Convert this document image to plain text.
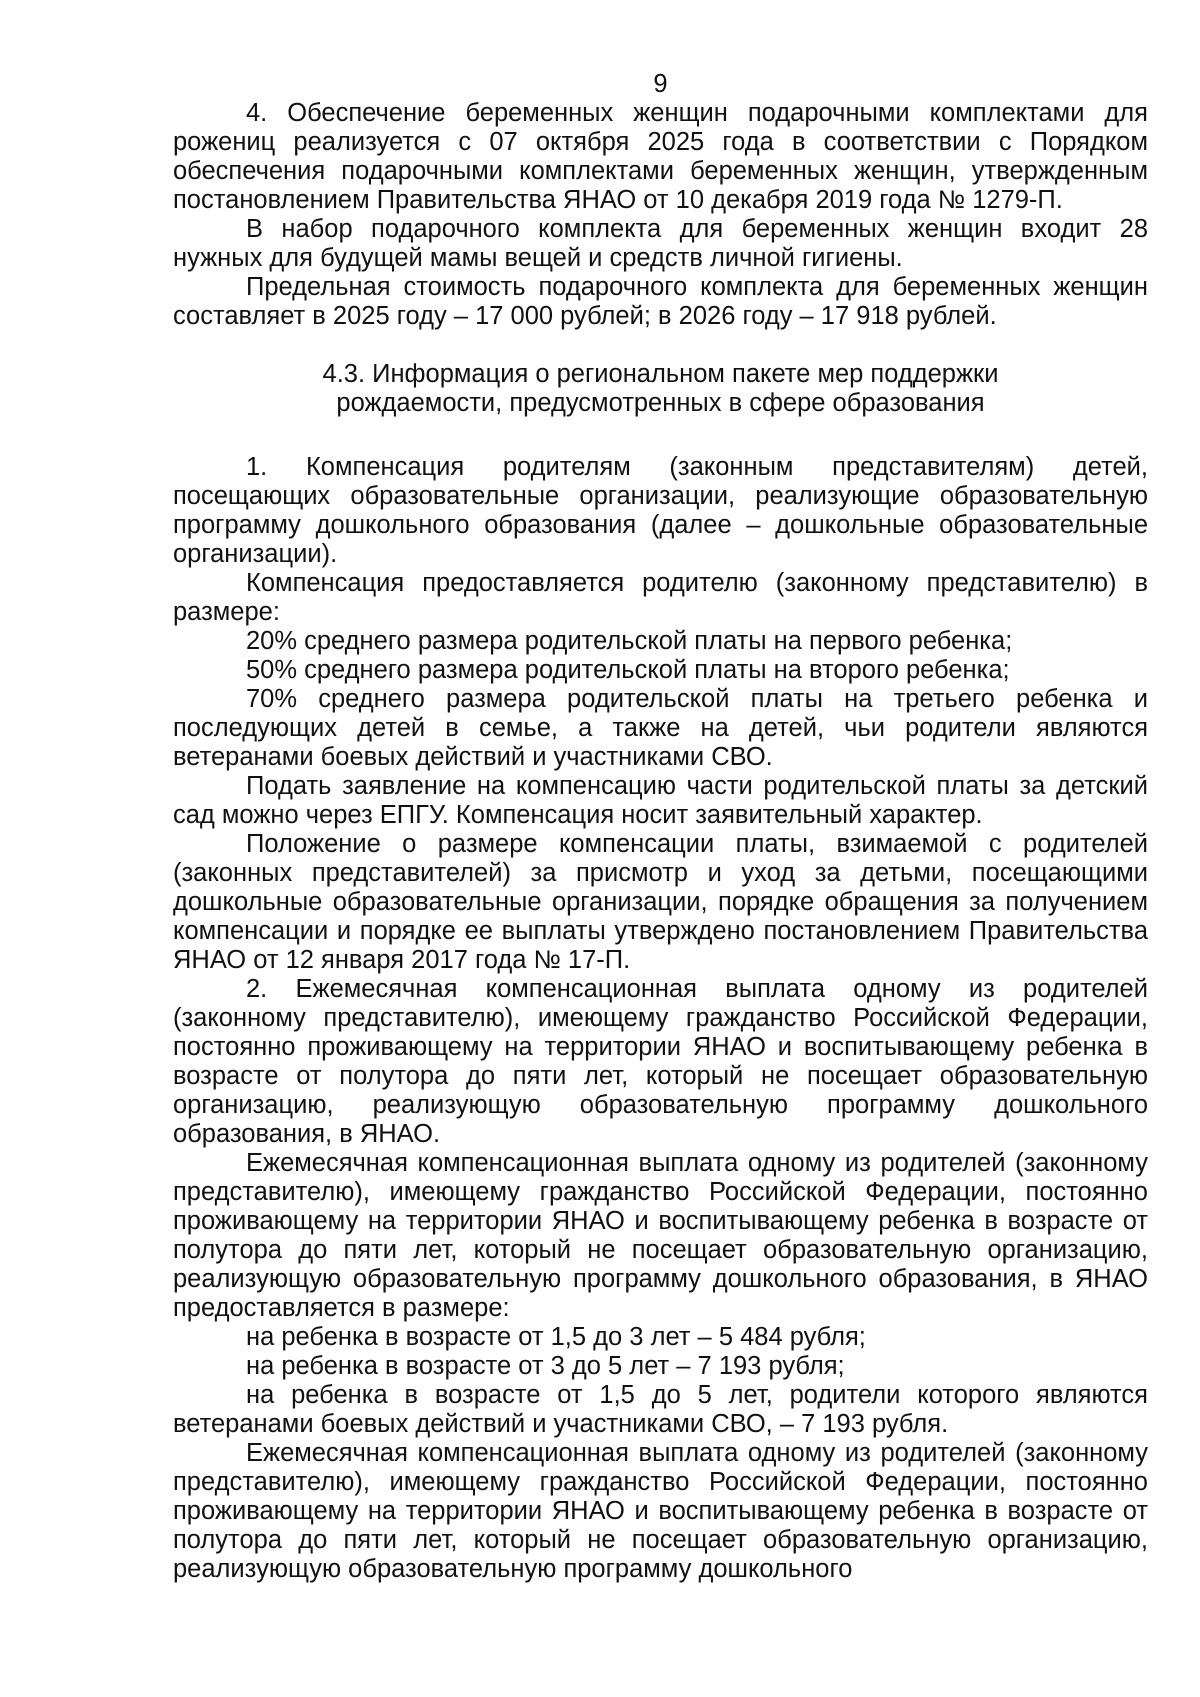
9

4. Обеспечение беременных женщин подарочными комплектами для рожениц реализуется с 07 октября 2025 года в соответствии с Порядком обеспечения подарочными комплектами беременных женщин, утвержденным постановлением Правительства ЯНАО от 10 декабря 2019 года № 1279-П.

В набор подарочного комплекта для беременных женщин входит 28 нужных для будущей мамы вещей и средств личной гигиены.

Предельная стоимость подарочного комплекта для беременных женщин составляет в 2025 году – 17 000 рублей; в 2026 году – 17 918 рублей.

4.3. Информация о региональном пакете мер поддержки
рождаемости, предусмотренных в сфере образования

1. Компенсация родителям (законным представителям) детей, посещающих образовательные организации, реализующие образовательную программу дошкольного образования (далее – дошкольные образовательные организации).

Компенсация предоставляется родителю (законному представителю) в размере:

20% среднего размера родительской платы на первого ребенка;

50% среднего размера родительской платы на второго ребенка;

70% среднего размера родительской платы на третьего ребенка и последующих детей в семье, а также на детей, чьи родители являются ветеранами боевых действий и участниками СВО.

Подать заявление на компенсацию части родительской платы за детский сад можно через ЕПГУ. Компенсация носит заявительный характер.

Положение о размере компенсации платы, взимаемой с родителей (законных представителей) за присмотр и уход за детьми, посещающими дошкольные образовательные организации, порядке обращения за получением компенсации и порядке ее выплаты утверждено постановлением Правительства ЯНАО от 12 января 2017 года № 17-П.

2. Ежемесячная компенсационная выплата одному из родителей (законному представителю), имеющему гражданство Российской Федерации, постоянно проживающему на территории ЯНАО и воспитывающему ребенка в возрасте от полутора до пяти лет, который не посещает образовательную организацию, реализующую образовательную программу дошкольного образования, в ЯНАО.

Ежемесячная компенсационная выплата одному из родителей (законному представителю), имеющему гражданство Российской Федерации, постоянно проживающему на территории ЯНАО и воспитывающему ребенка в возрасте от полутора до пяти лет, который не посещает образовательную организацию, реализующую образовательную программу дошкольного образования, в ЯНАО предоставляется в размере:

на ребенка в возрасте от 1,5 до 3 лет – 5 484 рубля;

на ребенка в возрасте от 3 до 5 лет – 7 193 рубля;

на ребенка в возрасте от 1,5 до 5 лет, родители которого являются ветеранами боевых действий и участниками СВО, – 7 193 рубля.

Ежемесячная компенсационная выплата одному из родителей (законному представителю), имеющему гражданство Российской Федерации, постоянно проживающему на территории ЯНАО и воспитывающему ребенка в возрасте от полутора до пяти лет, который не посещает образовательную организацию, реализующую образовательную программу дошкольного
